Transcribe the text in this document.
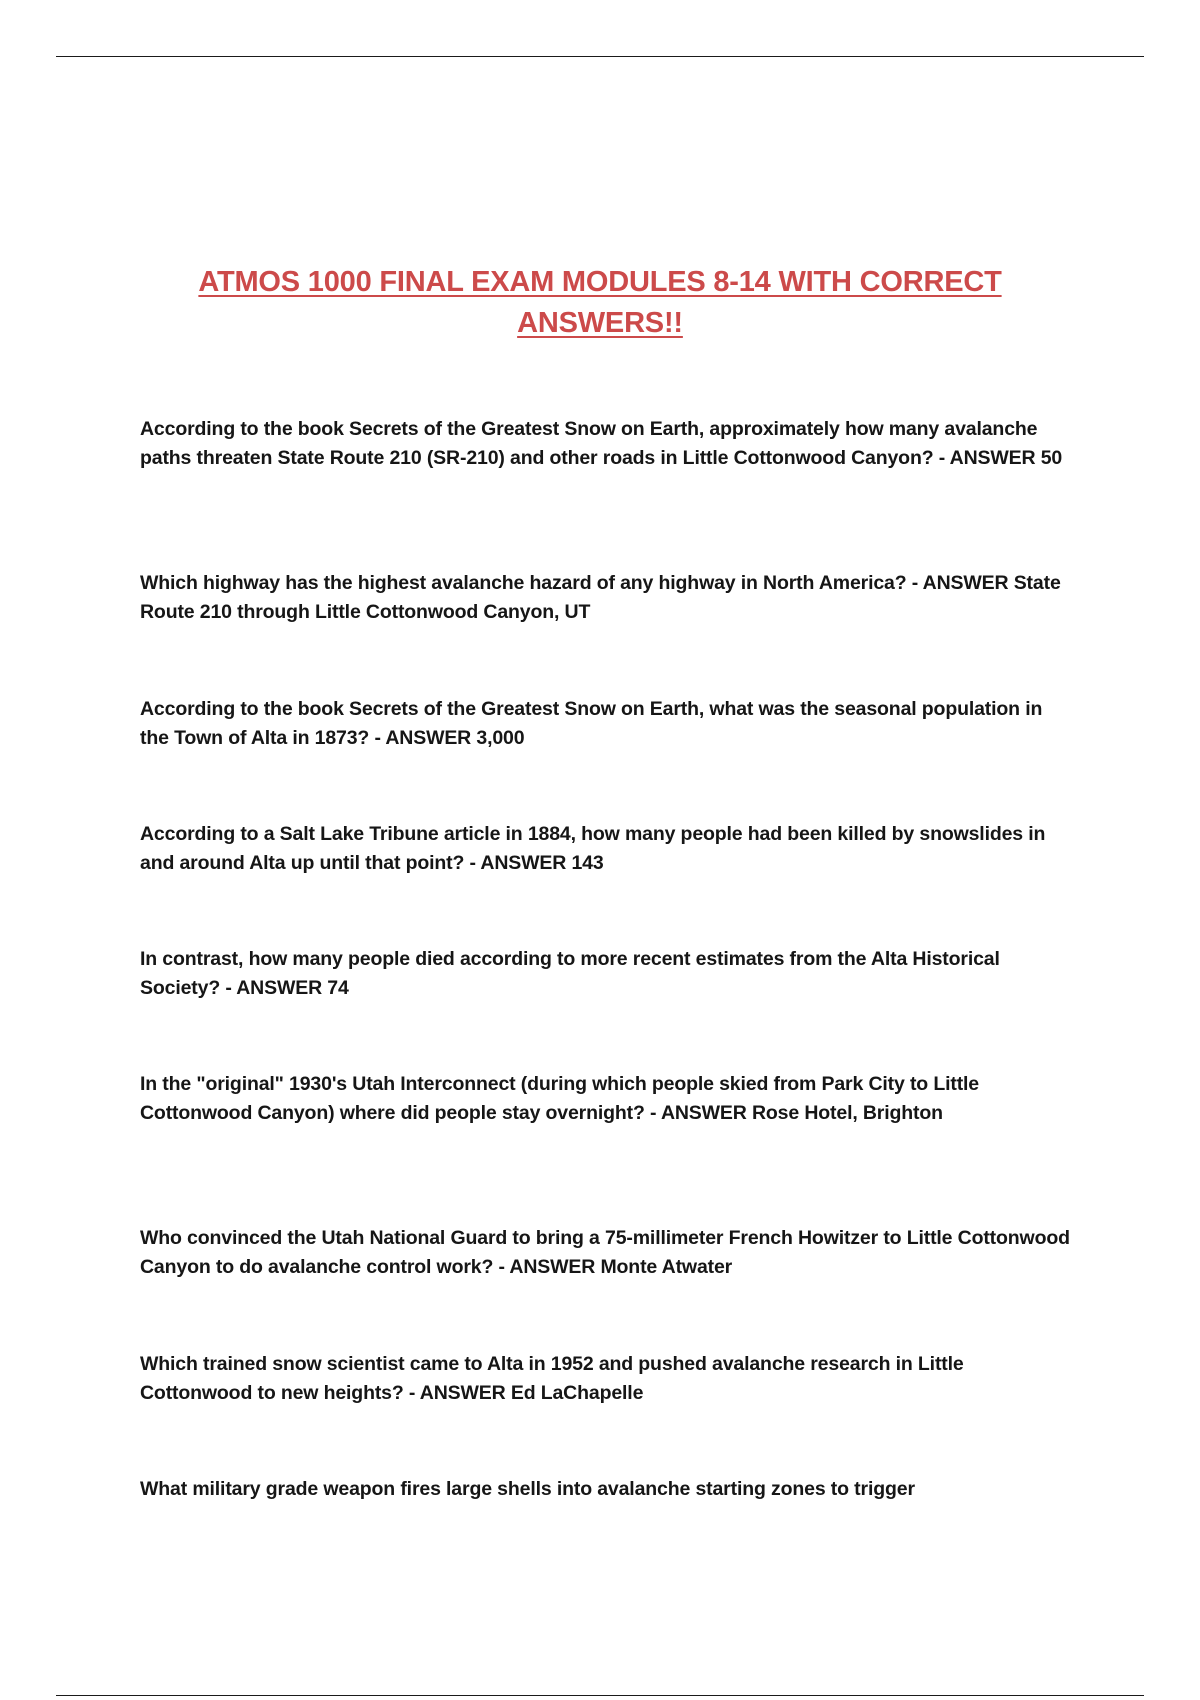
ATMOS 1000 FINAL EXAM MODULES 8-14 WITH CORRECT ANSWERS!!

According to the book Secrets of the Greatest Snow on Earth, approximately how many avalanche paths threaten State Route 210 (SR-210) and other roads in Little Cottonwood Canyon? - ANSWER 50

Which highway has the highest avalanche hazard of any highway in North America? - ANSWER State Route 210 through Little Cottonwood Canyon, UT

According to the book Secrets of the Greatest Snow on Earth, what was the seasonal population in the Town of Alta in 1873? - ANSWER 3,000

According to a Salt Lake Tribune article in 1884, how many people had been killed by snowslides in and around Alta up until that point? - ANSWER 143

In contrast, how many people died according to more recent estimates from the Alta Historical Society? - ANSWER 74

In the "original" 1930's Utah Interconnect (during which people skied from Park City to Little Cottonwood Canyon) where did people stay overnight? - ANSWER Rose Hotel, Brighton

Who convinced the Utah National Guard to bring a 75-millimeter French Howitzer to Little Cottonwood Canyon to do avalanche control work? - ANSWER Monte Atwater

Which trained snow scientist came to Alta in 1952 and pushed avalanche research in Little Cottonwood to new heights? - ANSWER Ed LaChapelle

What military grade weapon fires large shells into avalanche starting zones to trigger
